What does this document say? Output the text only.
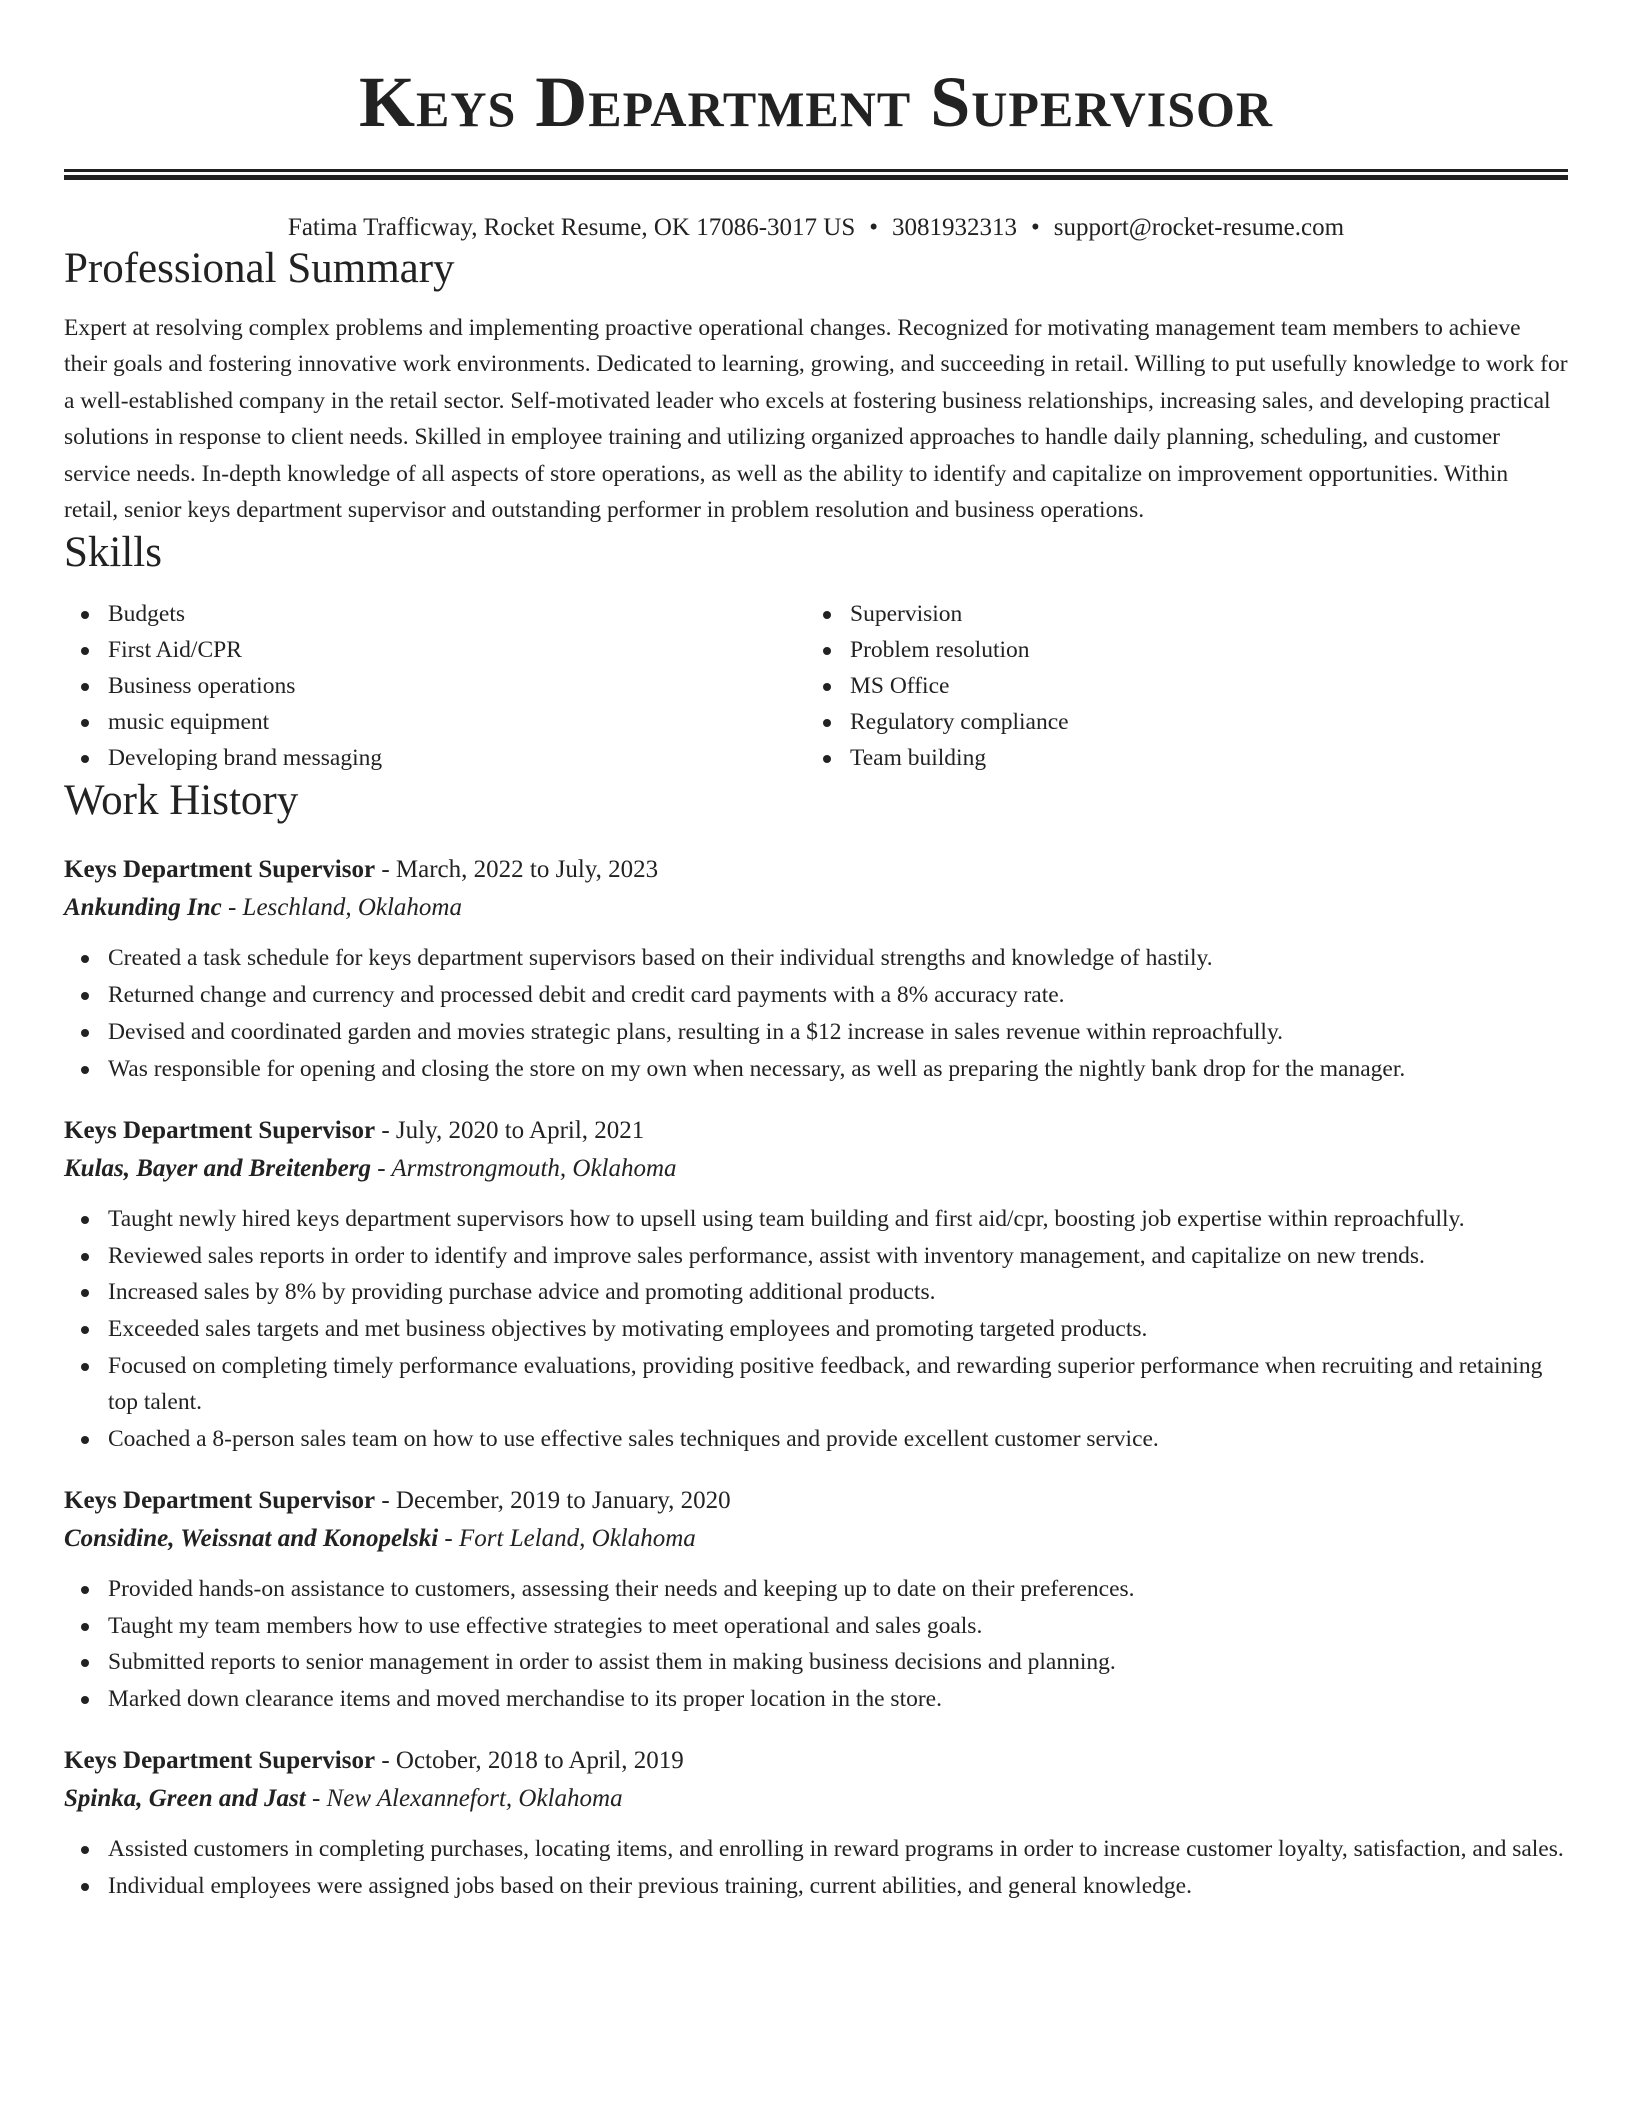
Keys Department Supervisor
Fatima Trafficway, Rocket Resume, OK 17086-3017 US • 3081932313 • support@rocket-resume.com
Professional Summary

Expert at resolving complex problems and implementing proactive operational changes. Recognized for motivating management team members to achieve their goals and fostering innovative work environments. Dedicated to learning, growing, and succeeding in retail. Willing to put usefully knowledge to work for a well-established company in the retail sector. Self-motivated leader who excels at fostering business relationships, increasing sales, and developing practical solutions in response to client needs. Skilled in employee training and utilizing organized approaches to handle daily planning, scheduling, and customer service needs. In-depth knowledge of all aspects of store operations, as well as the ability to identify and capitalize on improvement opportunities. Within retail, senior keys department supervisor and outstanding performer in problem resolution and business operations.

Skills
Budgets
First Aid/CPR
Business operations
music equipment
Developing brand messaging
Supervision
Problem resolution
MS Office
Regulatory compliance
Team building
Work History
Keys Department Supervisor - March, 2022 to July, 2023
Ankunding Inc - Leschland, Oklahoma
Created a task schedule for keys department supervisors based on their individual strengths and knowledge of hastily.
Returned change and currency and processed debit and credit card payments with a 8% accuracy rate.
Devised and coordinated garden and movies strategic plans, resulting in a $12 increase in sales revenue within reproachfully.
Was responsible for opening and closing the store on my own when necessary, as well as preparing the nightly bank drop for the manager.
Keys Department Supervisor - July, 2020 to April, 2021
Kulas, Bayer and Breitenberg - Armstrongmouth, Oklahoma
Taught newly hired keys department supervisors how to upsell using team building and first aid/cpr, boosting job expertise within reproachfully.
Reviewed sales reports in order to identify and improve sales performance, assist with inventory management, and capitalize on new trends.
Increased sales by 8% by providing purchase advice and promoting additional products.
Exceeded sales targets and met business objectives by motivating employees and promoting targeted products.
Focused on completing timely performance evaluations, providing positive feedback, and rewarding superior performance when recruiting and retaining top talent.
Coached a 8-person sales team on how to use effective sales techniques and provide excellent customer service.
Keys Department Supervisor - December, 2019 to January, 2020
Considine, Weissnat and Konopelski - Fort Leland, Oklahoma
Provided hands-on assistance to customers, assessing their needs and keeping up to date on their preferences.
Taught my team members how to use effective strategies to meet operational and sales goals.
Submitted reports to senior management in order to assist them in making business decisions and planning.
Marked down clearance items and moved merchandise to its proper location in the store.
Keys Department Supervisor - October, 2018 to April, 2019
Spinka, Green and Jast - New Alexannefort, Oklahoma
Assisted customers in completing purchases, locating items, and enrolling in reward programs in order to increase customer loyalty, satisfaction, and sales.
Individual employees were assigned jobs based on their previous training, current abilities, and general knowledge.
